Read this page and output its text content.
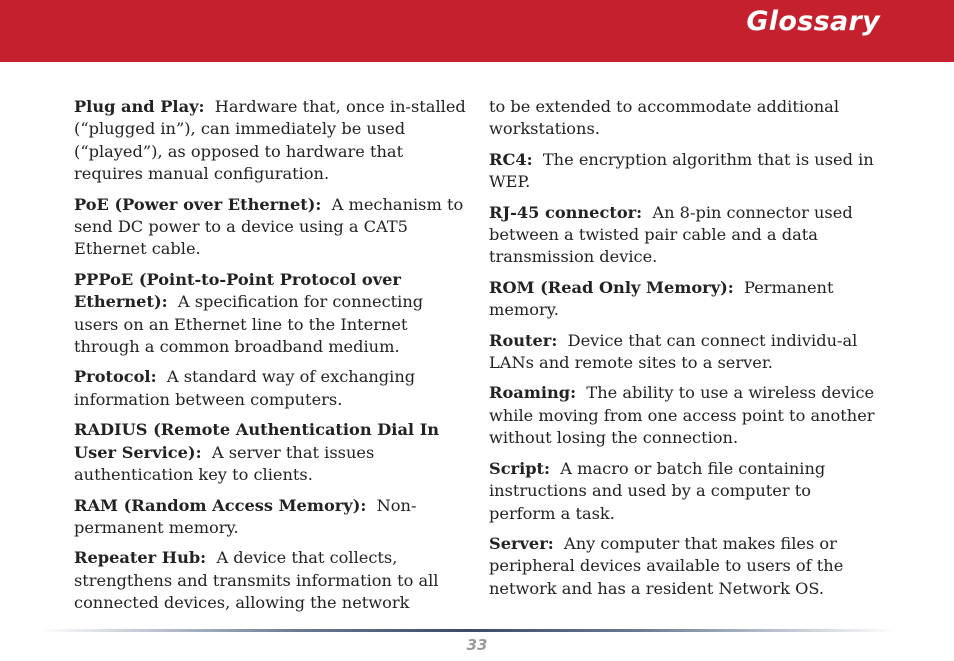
Glossary

Plug and Play: Hardware that, once in-stalled (“plugged in”), can immediately be used (“played”), as opposed to hardware that requires manual configuration.

PoE (Power over Ethernet): A mechanism to send DC power to a device using a CAT5 Ethernet cable.

PPPoE (Point-to-Point Protocol over Ethernet): A specification for connecting users on an Ethernet line to the Internet through a common broadband medium.

Protocol: A standard way of exchanging information between computers.

RADIUS (Remote Authentication Dial In User Service): A server that issues authentication key to clients.

RAM (Random Access Memory): Non-permanent memory.

Repeater Hub: A device that collects, strengthens and transmits information to all connected devices, allowing the network

to be extended to accommodate additional workstations.

RC4: The encryption algorithm that is used in WEP.

RJ-45 connector: An 8-pin connector used between a twisted pair cable and a data transmission device.

ROM (Read Only Memory): Permanent memory.

Router: Device that can connect individu-al LANs and remote sites to a server.

Roaming: The ability to use a wireless device while moving from one access point to another without losing the connection.

Script: A macro or batch file containing instructions and used by a computer to perform a task.

Server: Any computer that makes files or peripheral devices available to users of the network and has a resident Network OS.

33
